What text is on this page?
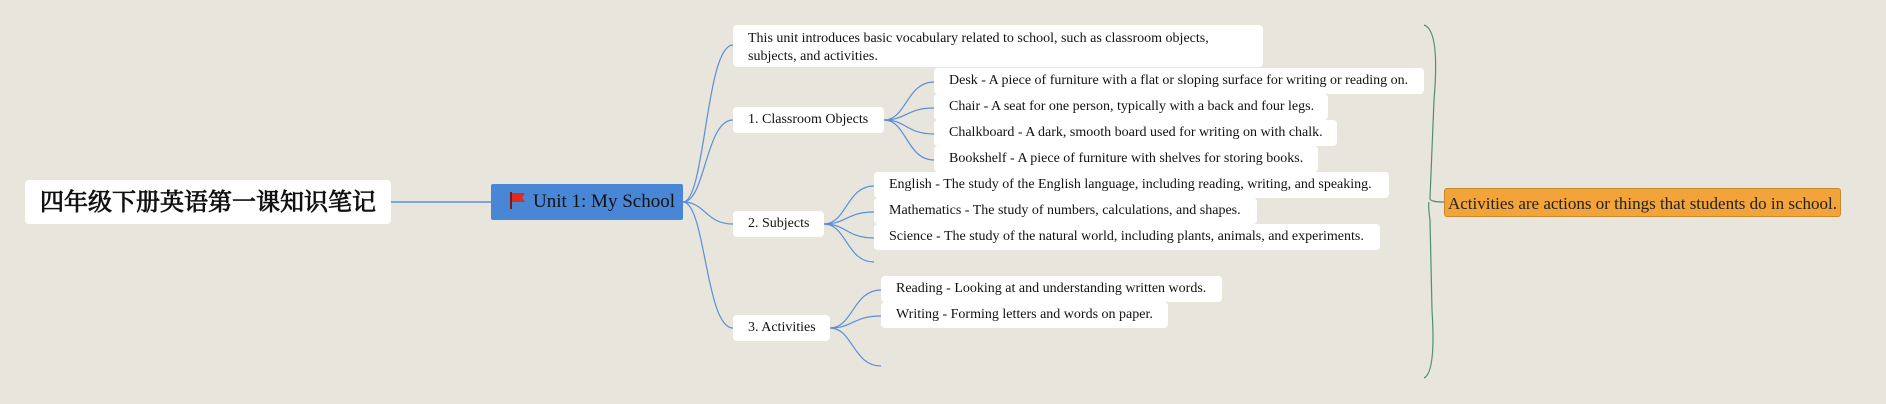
四年级下册英语第一课知识笔记	Unit 1: My School
This unit introduces basic vocabulary related to school, such as classroom objects, subjects, and activities.
1. Classroom Objects
2. Subjects
3. Activities
Desk - A piece of furniture with a flat or sloping surface for writing or reading on.
Chair - A seat for one person, typically with a back and four legs.
Chalkboard - A dark, smooth board used for writing on with chalk.
Bookshelf - A piece of furniture with shelves for storing books.
English - The study of the English language, including reading, writing, and speaking.
Mathematics - The study of numbers, calculations, and shapes.
Science - The study of the natural world, including plants, animals, and experiments.
Reading - Looking at and understanding written words.
Writing - Forming letters and words on paper.
Activities are actions or things that students do in school.
